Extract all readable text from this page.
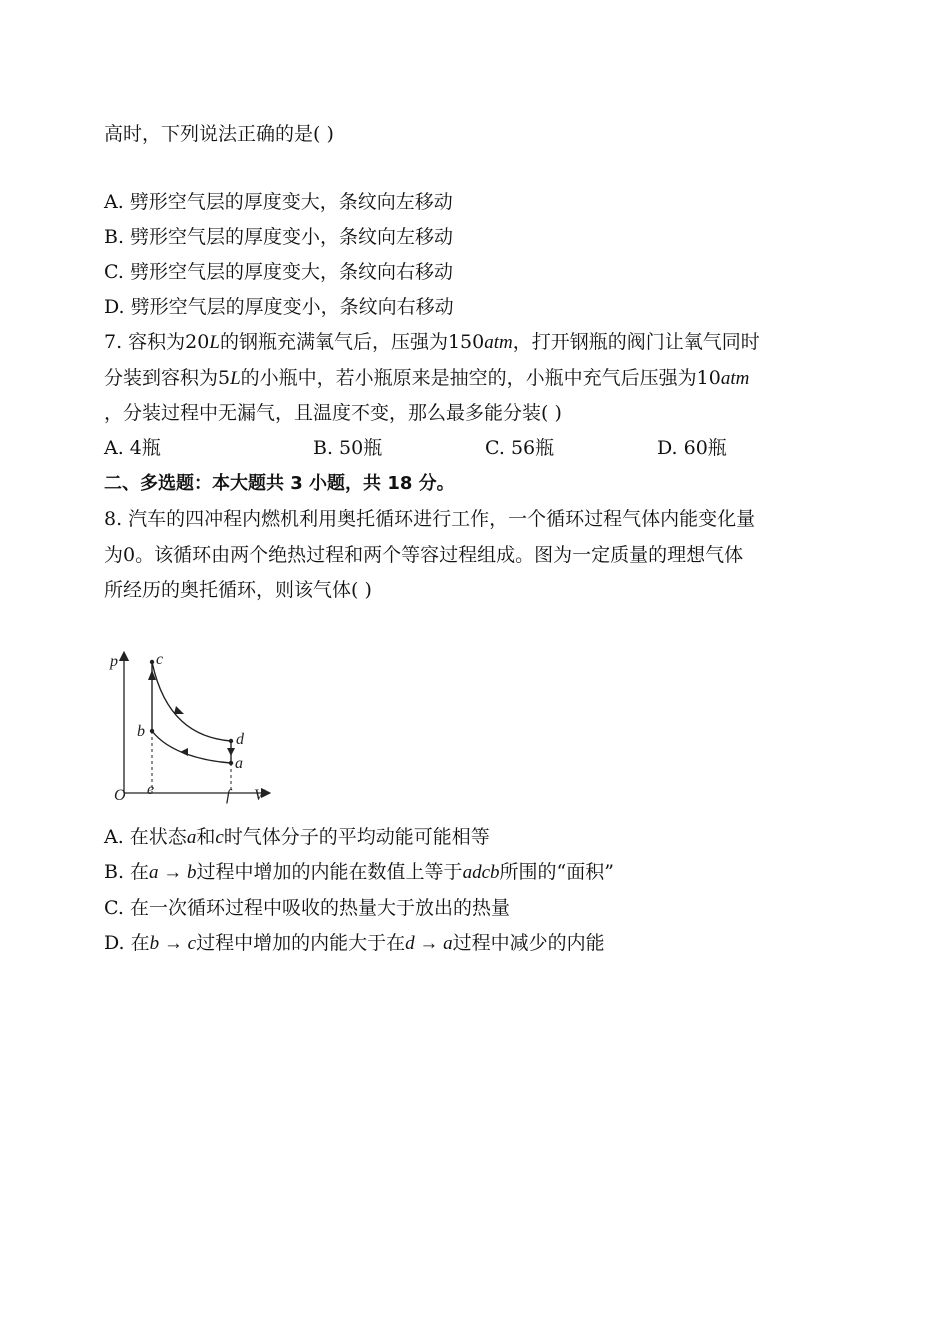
高时，下列说法正确的是( )
A. 劈形空气层的厚度变大，条纹向左移动
B. 劈形空气层的厚度变小，条纹向左移动
C. 劈形空气层的厚度变大，条纹向右移动
D. 劈形空气层的厚度变小，条纹向右移动
7. 容积为20L的钢瓶充满氧气后，压强为150atm，打开钢瓶的阀门让氧气同时
分装到容积为5L的小瓶中，若小瓶原来是抽空的，小瓶中充气后压强为10atm
，分装过程中无漏气，且温度不变，那么最多能分装( )
A. 4瓶	B. 50瓶	C. 56瓶	D. 60瓶
二、多选题：本大题共 3 小题，共 18 分。
8. 汽车的四冲程内燃机利用奥托循环进行工作，一个循环过程气体内能变化量
为0。该循环由两个绝热过程和两个等容过程组成。图为一定质量的理想气体
所经历的奥托循环，则该气体( )
p
V
O
c
b	d
a
e	f
A. 在状态a和c时气体分子的平均动能可能相等
B. 在a → b过程中增加的内能在数值上等于adcb所围的“面积”
C. 在一次循环过程中吸收的热量大于放出的热量
D. 在b → c过程中增加的内能大于在d → a过程中减少的内能
